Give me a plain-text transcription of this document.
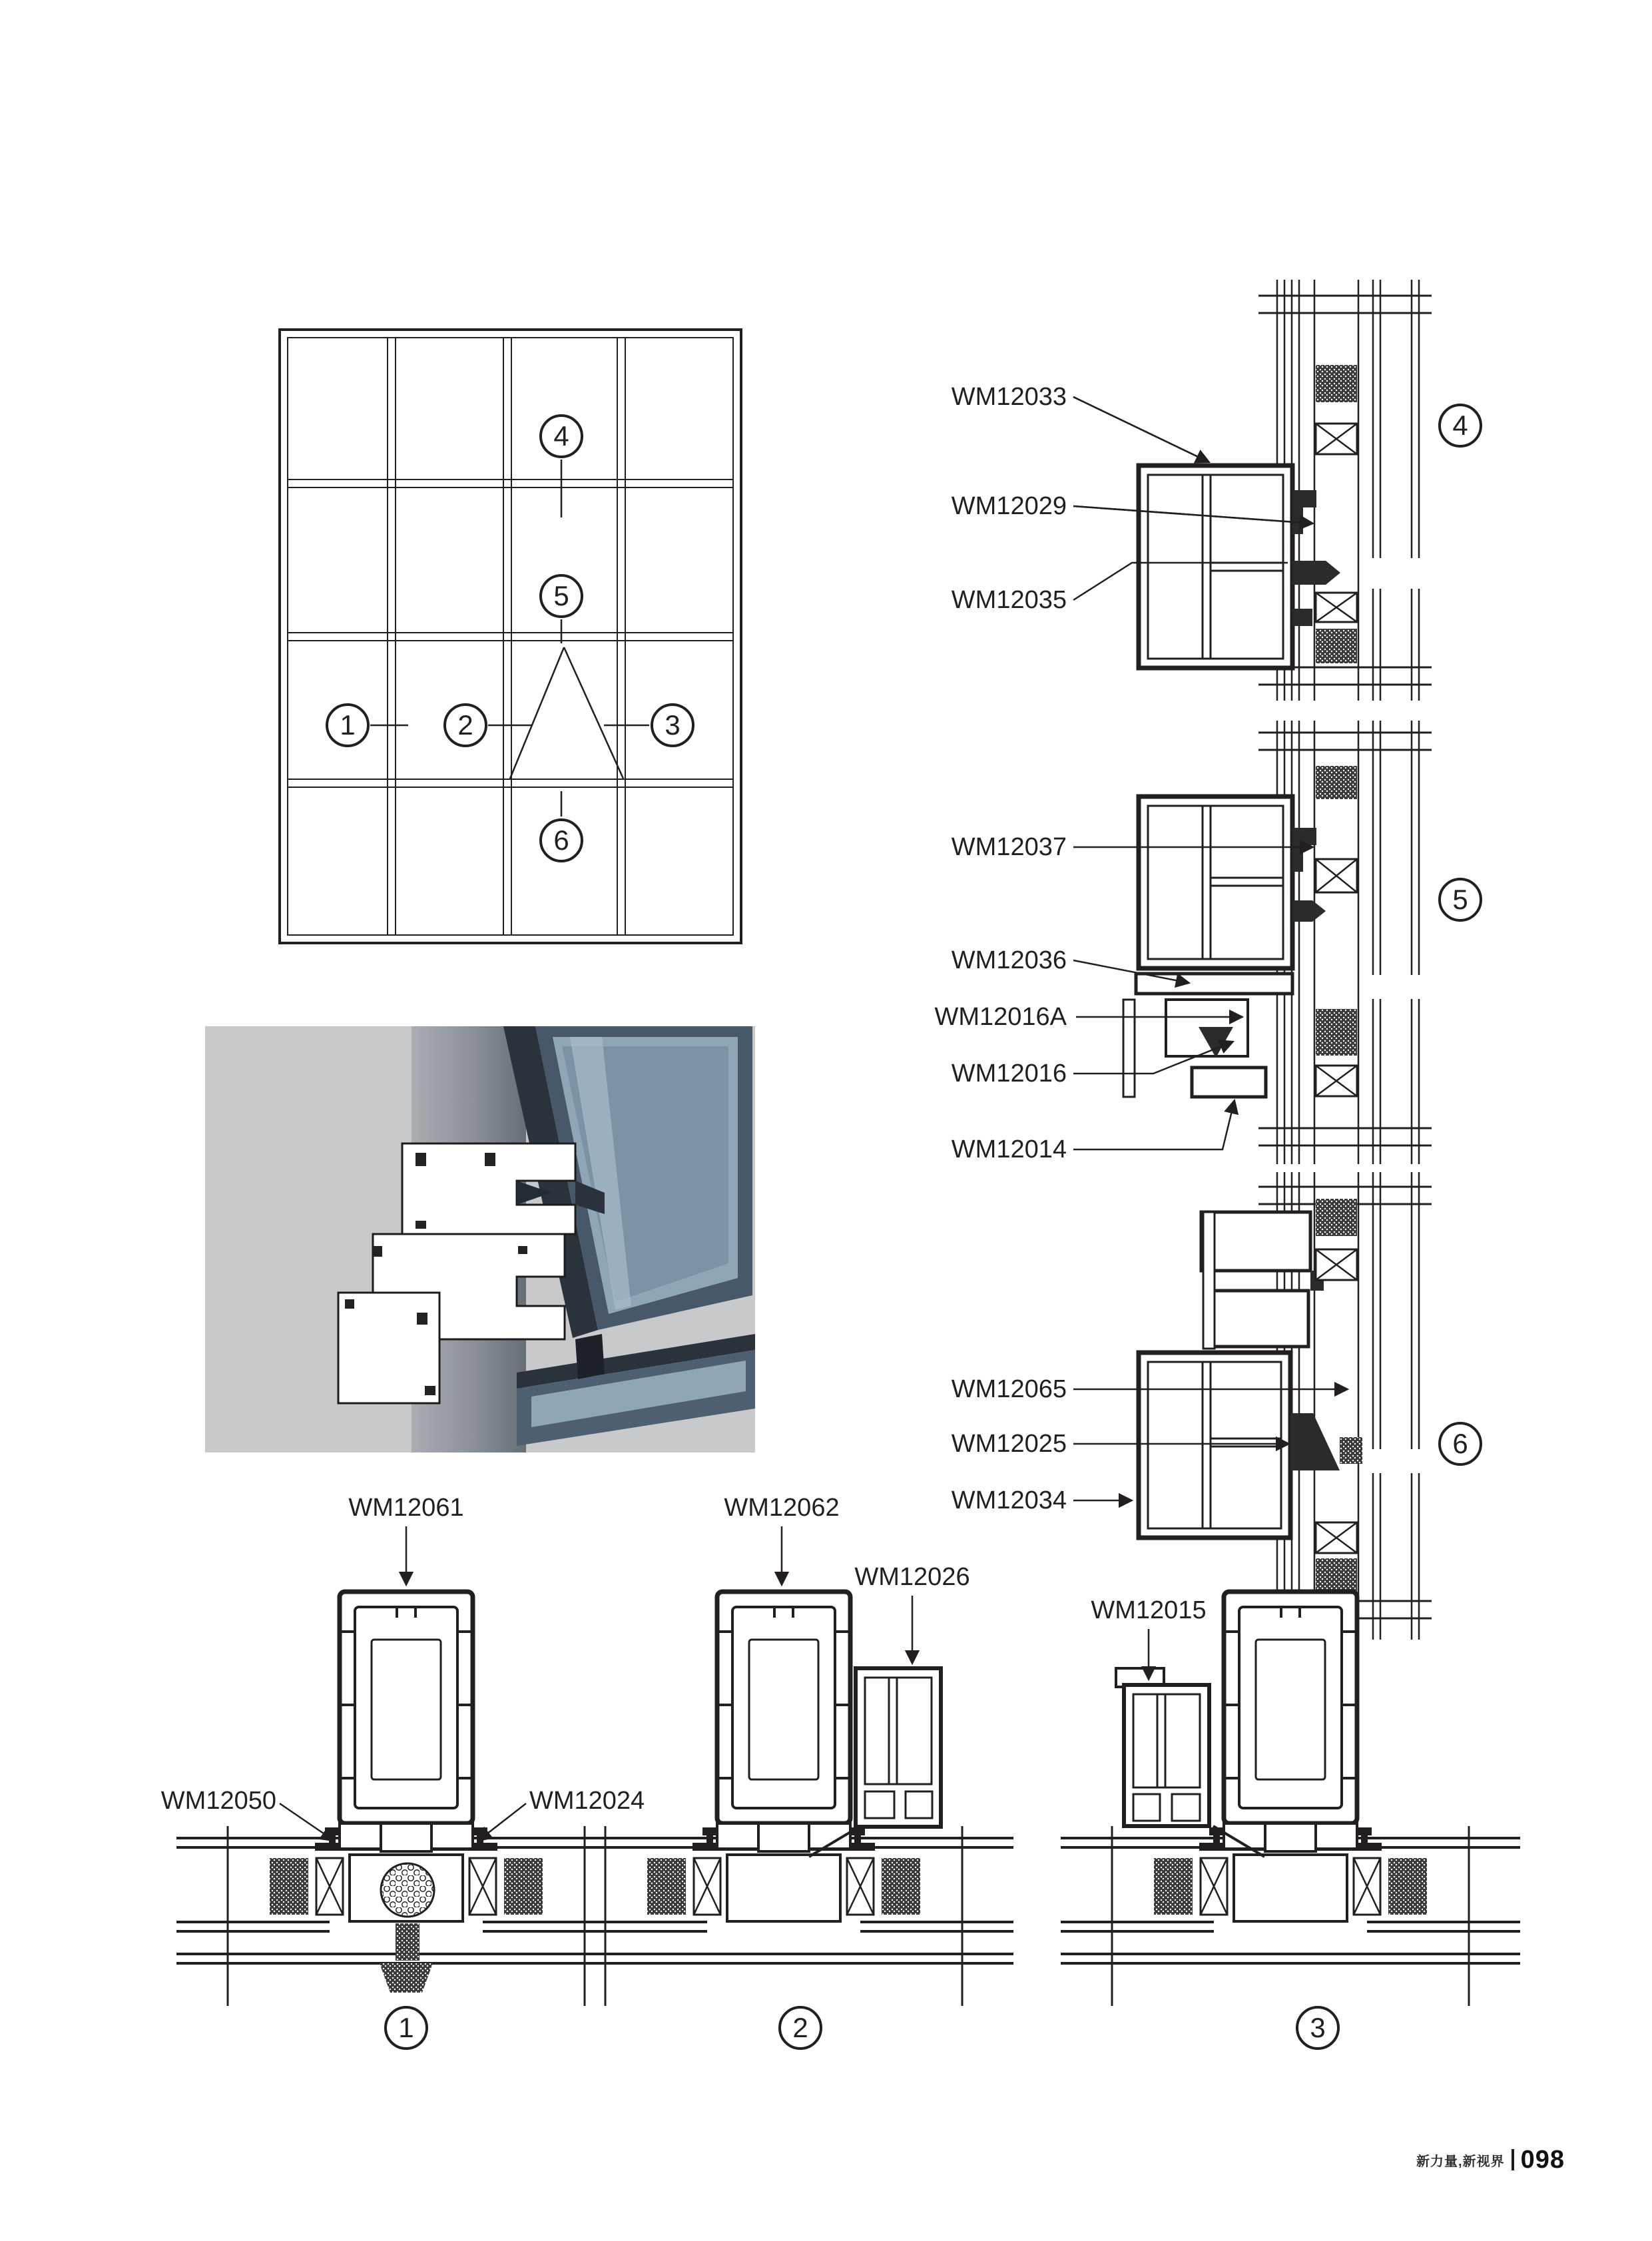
1	2	3
4
5
6
4
5
6
1	2	3
WM12033
WM12029
WM12035
WM12037
WM12036
WM12016A
WM12016
WM12014
WM12065
WM12025
WM12034
WM12061
WM12050	WM12024
WM12062
WM12026
WM12015
新力量,新视界 098
